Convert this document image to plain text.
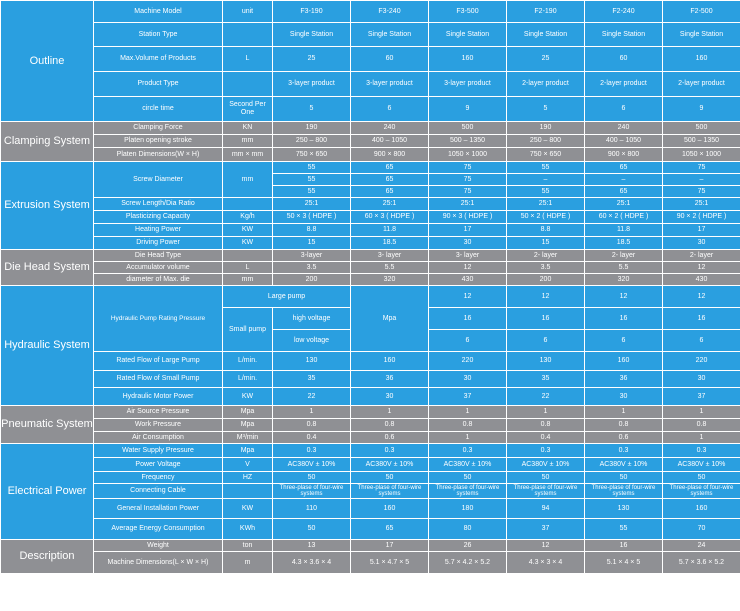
Outline	Machine Model	unit	F3-190	F3-240	F3-500	F2-190	F2-240	F2-500	
	Station Type		Single Station	Single Station	Single Station	Single Station	Single Station	Single Station	
	Max.Volume of Products	L	25	60	160	25	60	160	
	Product Type		3-layer product	3-layer product	3-layer product	2-layer product	2-layer product	2-layer product	
	circle time	Second Per One	5	6	9	5	6	9	
Clamping System	Clamping Force	KN	190	240	500	190	240	500	
	Platen opening stroke	mm	250 – 800	400 – 1050	500 – 1350	250 – 800	400 – 1050	500 – 1350	
	Platen Dimensions(W × H)	mm × mm	750 × 650	900 × 800	1050 × 1000	750 × 650	900 × 800	1050 × 1000	
Extrusion System	Screw Diameter	mm	55	65	75	55	65	75	
			55	65	75	–	–	–	
			55	65	75	55	65	75	
	Screw Length/Dia Ratio		25:1	25:1	25:1	25:1	25:1	25:1	
	Plasticizing Capacity	Kg/h	50 × 3 ( HDPE )	60 × 3 ( HDPE )	90 × 3 ( HDPE )	50 × 2 ( HDPE )	60 × 2 ( HDPE )	90 × 2 ( HDPE )	
	Heating Power	KW	8.8	11.8	17	8.8	11.8	17	
	Driving Power	KW	15	18.5	30	15	18.5	30	
Die Head System	Die Head Type		3-layer	3- layer	3- layer	2- layer	2- layer	2- layer	
	Accumulator volume	L	3.5	5.5	12	3.5	5.5	12	
	diameter of Max. die	mm	200	320	430	200	320	430	
Hydraulic System	Hydraulic Pump Rating Pressure	Large pump		Mpa	12	12	12	12		
		Small pump	high voltage		16	16	16	16		
			low voltage		6	6	6	6		
	Rated Flow of Large Pump	L/min.	130	160	220	130	160	220	
	Rated Flow of Small Pump	L/min.	35	36	30	35	36	30	
	Hydraulic Motor Power	KW	22	30	37	22	30	37	
Pneumatic System	Air Source Pressure	Mpa	1	1	1	1	1	1	
	Work Pressure	Mpa	0.8	0.8	0.8	0.8	0.8	0.8	
	Air Consumption	M³/min	0.4	0.6	1	0.4	0.6	1	
Electrical Power	Water Supply Pressure	Mpa	0.3	0.3	0.3	0.3	0.3	0.3	
	Power Voltage	V	AC380V ± 10%	AC380V ± 10%	AC380V ± 10%	AC380V ± 10%	AC380V ± 10%	AC380V ± 10%	
	Frequency	HZ	50	50	50	50	50	50	
	Connecting Cable		Three-plase of four-wire systems	Three-plase of four-wire systems	Three-plase of four-wire systems	Three-plase of four-wire systems	Three-plase of four-wire systems	Three-plase of four-wire systems	
	General Installation Power	KW	110	160	180	94	130	160	
	Average Energy Consumption	KWh	50	65	80	37	55	70	
Description	Weight	ton	13	17	26	12	16	24	
	Machine Dimensions(L × W × H)	m	4.3 × 3.6 × 4	5.1 × 4.7 × 5	5.7 × 4.2 × 5.2	4.3 × 3 × 4	5.1 × 4 × 5	5.7 × 3.6 × 5.2	
